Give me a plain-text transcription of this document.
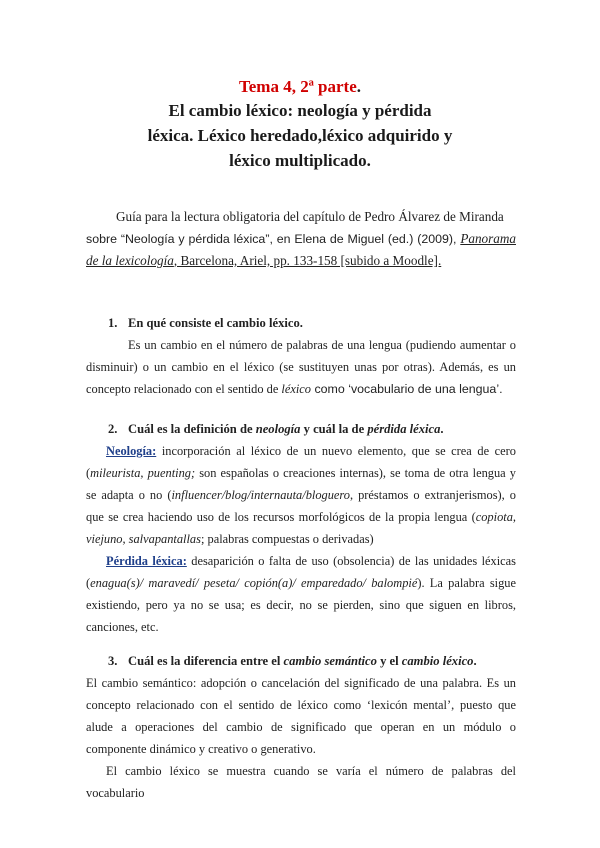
Tema 4, 2ª parte.
El cambio léxico: neología y pérdida
léxica. Léxico heredado,léxico adquirido y
léxico multiplicado.
Guía para la lectura obligatoria del capítulo de Pedro Álvarez de Miranda
sobre “Neología y pérdida léxica”, en Elena de Miguel (ed.) (2009), Panorama de la lexicología, Barcelona, Ariel, pp. 133-158 [subido a Moodle].
1. En qué consiste el cambio léxico.
Es un cambio en el número de palabras de una lengua (pudiendo aumentar o disminuir) o un cambio en el léxico (se sustituyen unas por otras). Además, es un concepto relacionado con el sentido de léxico como ‘vocabulario de una lengua’.
2. Cuál es la definición de neología y cuál la de pérdida léxica.
Neología: incorporación al léxico de un nuevo elemento, que se crea de cero (mileurista, puenting; son españolas o creaciones internas), se toma de otra lengua y se adapta o no (influencer/blog/internauta/bloguero, préstamos o extranjerismos), o que se crea haciendo uso de los recursos morfológicos de la propia lengua (copiota, viejuno, salvapantallas; palabras compuestas o derivadas)
Pérdida léxica: desaparición o falta de uso (obsolencia) de las unidades léxicas (enagua(s)/ maravedí/ peseta/ copión(a)/ emparedado/ balompié). La palabra sigue existiendo, pero ya no se usa; es decir, no se pierden, sino que siguen en libros, canciones, etc.
3. Cuál es la diferencia entre el cambio semántico y el cambio léxico.
El cambio semántico: adopción o cancelación del significado de una palabra. Es un concepto relacionado con el sentido de léxico como ‘lexicón mental’, puesto que alude a operaciones del cambio de significado que operan en un módulo o componente dinámico y creativo o generativo.
El cambio léxico se muestra cuando se varía el número de palabras del vocabulario
